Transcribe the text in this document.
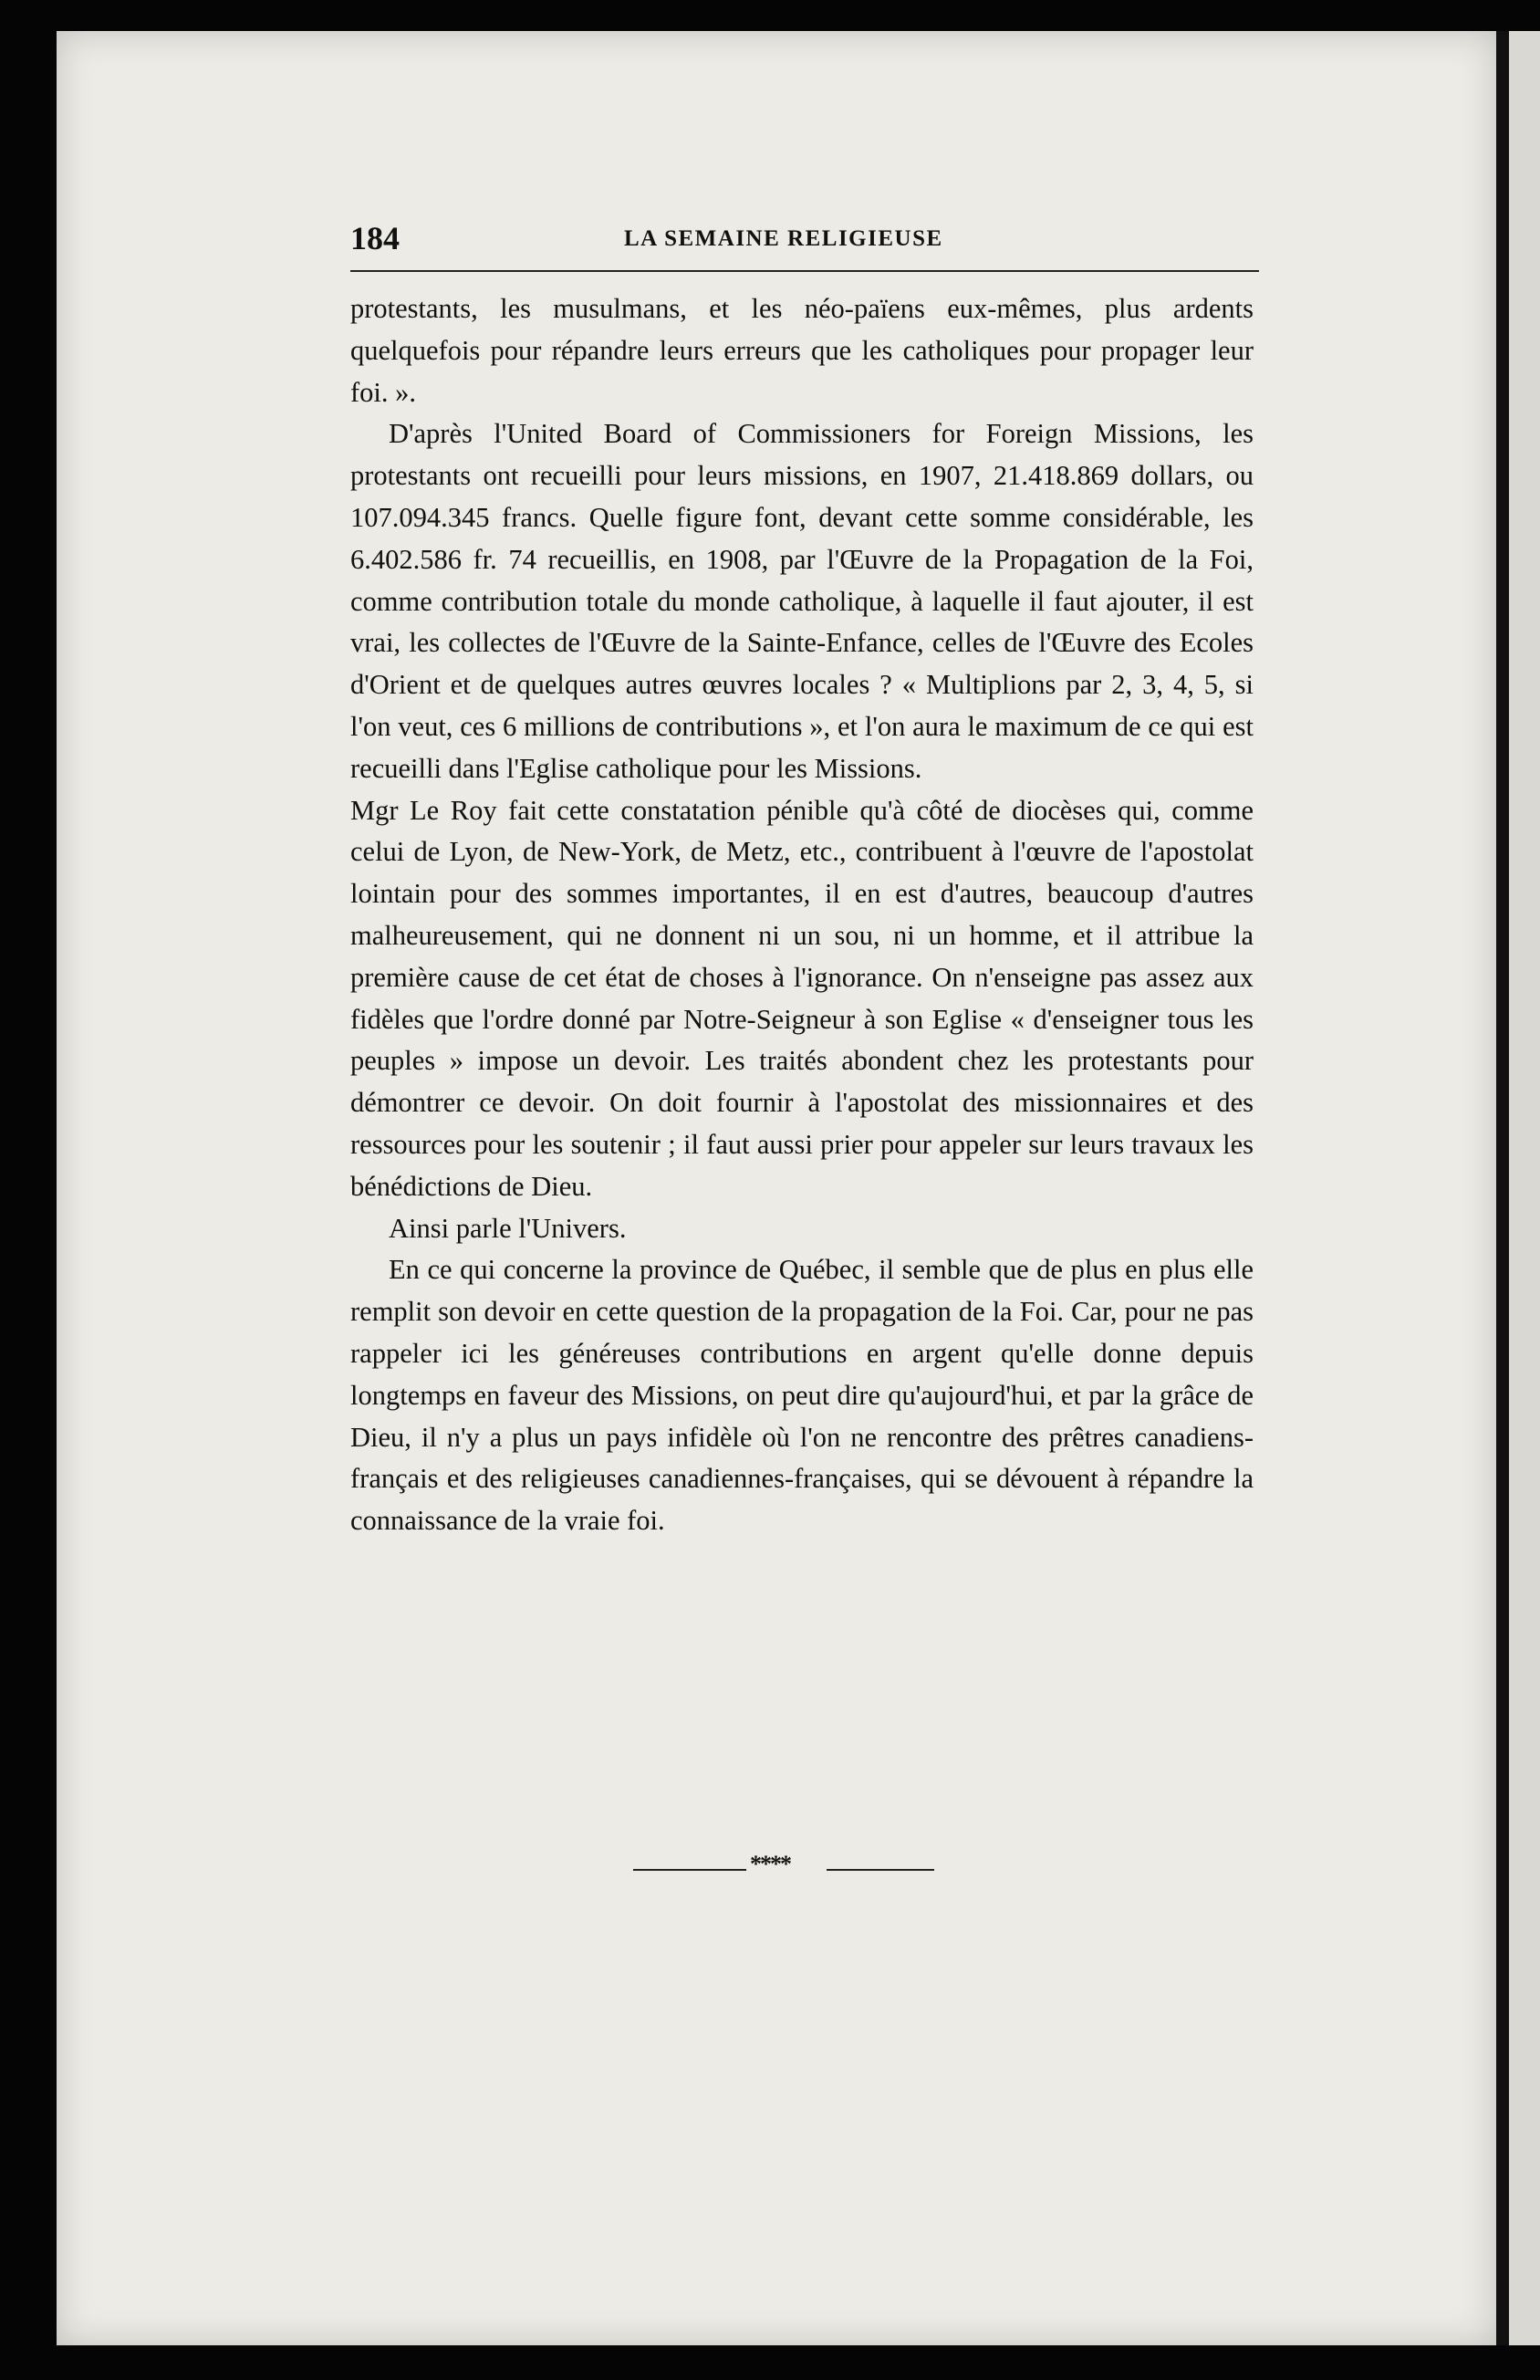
184	LA SEMAINE RELIGIEUSE

protestants, les musulmans, et les néo-païens eux-mêmes, plus ardents quelquefois pour répandre leurs erreurs que les catholiques pour propager leur foi. ».

D'après l'United Board of Commissioners for Foreign Missions, les protestants ont recueilli pour leurs missions, en 1907, 21.418.869 dollars, ou 107.094.345 francs. Quelle figure font, devant cette somme considérable, les 6.402.586 fr. 74 recueillis, en 1908, par l'Œuvre de la Propagation de la Foi, comme contribution totale du monde catholique, à laquelle il faut ajouter, il est vrai, les collectes de l'Œuvre de la Sainte-Enfance, celles de l'Œuvre des Ecoles d'Orient et de quelques autres œuvres locales ? « Multiplions par 2, 3, 4, 5, si l'on veut, ces 6 millions de contributions », et l'on aura le maximum de ce qui est recueilli dans l'Eglise catholique pour les Missions.

Mgr Le Roy fait cette constatation pénible qu'à côté de diocèses qui, comme celui de Lyon, de New-York, de Metz, etc., contribuent à l'œuvre de l'apostolat lointain pour des sommes importantes, il en est d'autres, beaucoup d'autres malheureusement, qui ne donnent ni un sou, ni un homme, et il attribue la première cause de cet état de choses à l'ignorance. On n'enseigne pas assez aux fidèles que l'ordre donné par Notre-Seigneur à son Eglise « d'enseigner tous les peuples » impose un devoir. Les traités abondent chez les protestants pour démontrer ce devoir. On doit fournir à l'apostolat des missionnaires et des ressources pour les soutenir ; il faut aussi prier pour appeler sur leurs travaux les bénédictions de Dieu.

Ainsi parle l'Univers.

En ce qui concerne la province de Québec, il semble que de plus en plus elle remplit son devoir en cette question de la propagation de la Foi. Car, pour ne pas rappeler ici les généreuses contributions en argent qu'elle donne depuis longtemps en faveur des Missions, on peut dire qu'aujourd'hui, et par la grâce de Dieu, il n'y a plus un pays infidèle où l'on ne rencontre des prêtres canadiens-français et des religieuses canadiennes-françaises, qui se dévouent à répandre la connaissance de la vraie foi.

****
